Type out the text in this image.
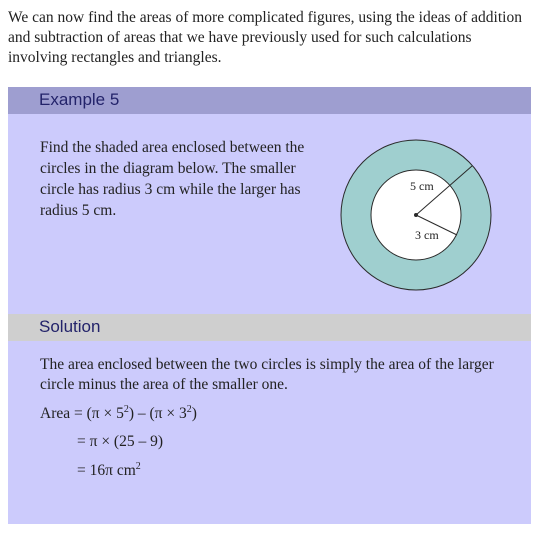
We can now find the areas of more complicated figures, using the ideas of addition and subtraction of areas that we have previously used for such calculations involving rectangles and triangles.
Example 5
Find the shaded area enclosed between the circles in the diagram below. The smaller circle has radius 3 cm while the larger has radius 5 cm.
5 cm
3 cm
Solution
The area enclosed between the two circles is simply the area of the larger circle minus the area of the smaller one.
Area = $(\pi \times 5^2) - (\pi \times 3^2)$
= π × (25 – 9)
= 16π $cm^2$
